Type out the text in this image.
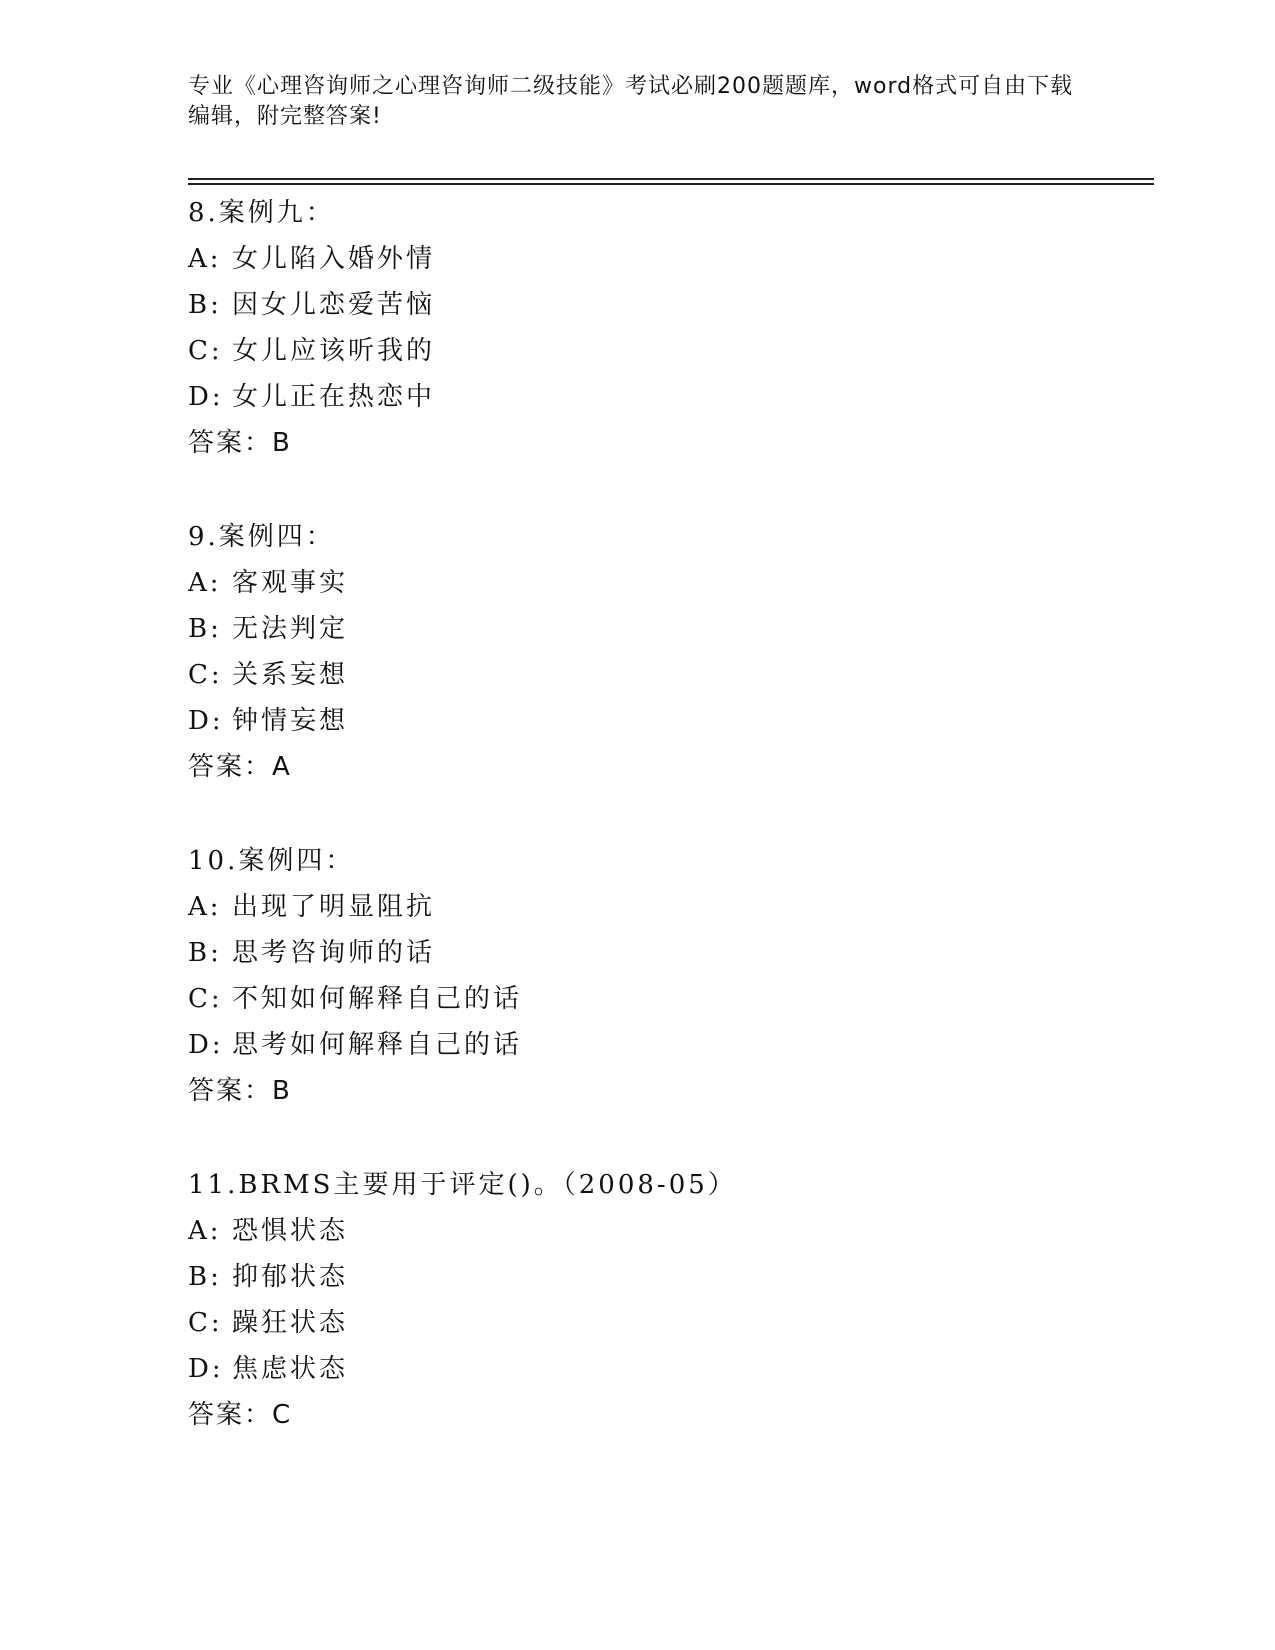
专业《心理咨询师之心理咨询师二级技能》考试必刷200题题库，word格式可自由下载编辑，附完整答案!
8.案例九：
A: 女儿陷入婚外情
B: 因女儿恋爱苦恼
C: 女儿应该听我的
D: 女儿正在热恋中
答案：B
9.案例四：
A: 客观事实
B: 无法判定
C: 关系妄想
D: 钟情妄想
答案：A
10.案例四：
A: 出现了明显阻抗
B: 思考咨询师的话
C: 不知如何解释自己的话
D: 思考如何解释自己的话
答案：B
11.BRMS主要用于评定()。（2008-05）
A: 恐惧状态
B: 抑郁状态
C: 躁狂状态
D: 焦虑状态
答案：C
